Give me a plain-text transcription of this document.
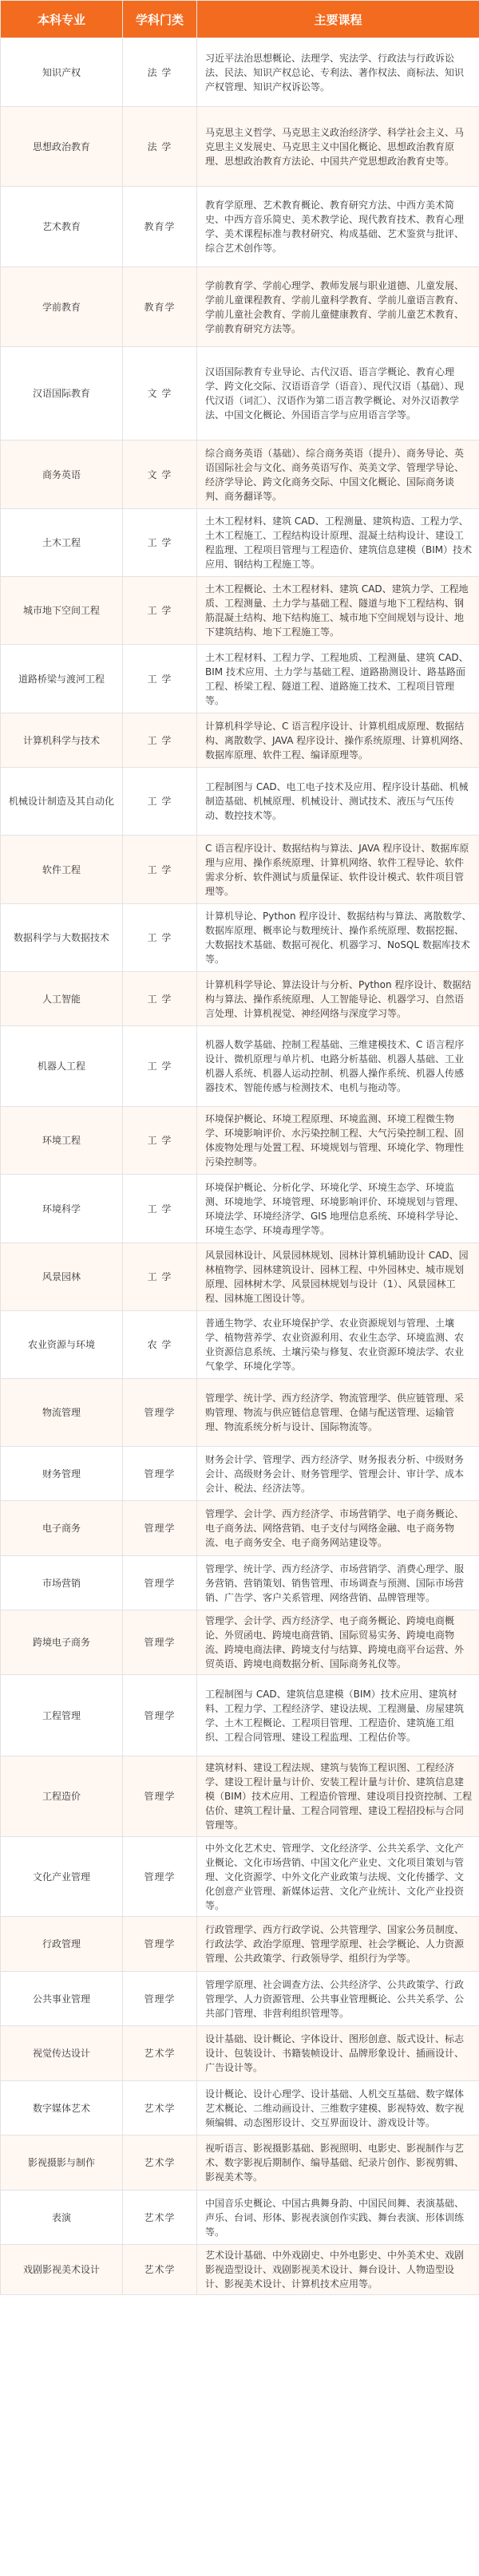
本科专业	学科门类	主要课程
知识产权	法 学	习近平法治思想概论、法理学、宪法学、行政法与行政诉讼法、民法、知识产权总论、专利法、著作权法、商标法、知识产权管理、知识产权诉讼等。
思想政治教育	法 学	马克思主义哲学、马克思主义政治经济学、科学社会主义、马克思主义发展史、马克思主义中国化概论、思想政治教育原理、思想政治教育方法论、中国共产党思想政治教育史等。
艺术教育	教育学	教育学原理、艺术教育概论、教育研究方法、中西方美术简史、中西方音乐简史、美术教学论、现代教育技术、教育心理学、美术课程标准与教材研究、构成基础、艺术鉴赏与批评、综合艺术创作等。
学前教育	教育学	学前教育学、学前心理学、教师发展与职业道德、儿童发展、学前儿童课程教育、学前儿童科学教育、学前儿童语言教育、学前儿童社会教育、学前儿童健康教育、学前儿童艺术教育、学前教育研究方法等。
汉语国际教育	文 学	汉语国际教育专业导论、古代汉语、语言学概论、教育心理学、跨文化交际、汉语语音学（语音）、现代汉语（基础）、现代汉语（词汇）、汉语作为第二语言教学概论、对外汉语教学法、中国文化概论、外国语言学与应用语言学等。
商务英语	文 学	综合商务英语（基础）、综合商务英语（提升）、商务导论、英语国际社会与文化、商务英语写作、英美文学、管理学导论、经济学导论、跨文化商务交际、中国文化概论、国际商务谈判、商务翻译等。
土木工程	工 学	土木工程材料、建筑 CAD、工程测量、建筑构造、工程力学、土木工程施工、工程结构设计原理、混凝土结构设计、建设工程监理、工程项目管理与工程造价、建筑信息建模（BIM）技术应用、钢结构工程施工等。
城市地下空间工程	工 学	土木工程概论、土木工程材料、建筑 CAD、建筑力学、工程地质、工程测量、土力学与基础工程、隧道与地下工程结构、钢筋混凝土结构、地下结构施工、城市地下空间规划与设计、地下建筑结构、地下工程施工等。
道路桥梁与渡河工程	工 学	土木工程材料、工程力学、工程地质、工程测量、建筑 CAD、BIM 技术应用、土力学与基础工程、道路勘测设计、路基路面工程、桥梁工程、隧道工程、道路施工技术、工程项目管理等。
计算机科学与技术	工 学	计算机科学导论、C 语言程序设计、计算机组成原理、数据结构、离散数学、JAVA 程序设计、操作系统原理、计算机网络、数据库原理、软件工程、编译原理等。
机械设计制造及其自动化	工 学	工程制图与 CAD、电工电子技术及应用、程序设计基础、机械制造基础、机械原理、机械设计、测试技术、液压与气压传动、数控技术等。
软件工程	工 学	C 语言程序设计、数据结构与算法、JAVA 程序设计、数据库原理与应用、操作系统原理、计算机网络、软件工程导论、软件需求分析、软件测试与质量保证、软件设计模式、软件项目管理等。
数据科学与大数据技术	工 学	计算机导论、Python 程序设计、数据结构与算法、离散数学、数据库原理、概率论与数理统计、操作系统原理、数据挖掘、大数据技术基础、数据可视化、机器学习、NoSQL 数据库技术等。
人工智能	工 学	计算机科学导论、算法设计与分析、Python 程序设计、数据结构与算法、操作系统原理、人工智能导论、机器学习、自然语言处理、计算机视觉、神经网络与深度学习等。
机器人工程	工 学	机器人数学基础、控制工程基础、三维建模技术、C 语言程序设计、微机原理与单片机、电路分析基础、机器人基础、工业机器人系统、机器人运动控制、机器人操作系统、机器人传感器技术、智能传感与检测技术、电机与拖动等。
环境工程	工 学	环境保护概论、环境工程原理、环境监测、环境工程微生物学、环境影响评价、水污染控制工程、大气污染控制工程、固体废物处理与处置工程、环境规划与管理、环境化学、物理性污染控制等。
环境科学	工 学	环境保护概论、分析化学、环境化学、环境生态学、环境监测、环境地学、环境管理、环境影响评价、环境规划与管理、环境法学、环境经济学、GIS 地理信息系统、环境科学导论、环境生态学、环境毒理学等。
风景园林	工 学	风景园林设计、风景园林规划、园林计算机辅助设计 CAD、园林植物学、园林建筑设计、园林工程、中外园林史、城市规划原理、园林树木学、风景园林规划与设计（1）、风景园林工程、园林施工图设计等。
农业资源与环境	农 学	普通生物学、农业环境保护学、农业资源规划与管理、土壤学、植物营养学、农业资源利用、农业生态学、环境监测、农业资源信息系统、土壤污染与修复、农业资源环境法学、农业气象学、环境化学等。
物流管理	管理学	管理学、统计学、西方经济学、物流管理学、供应链管理、采购管理、物流与供应链信息管理、仓储与配送管理、运输管理、物流系统分析与设计、国际物流等。
财务管理	管理学	财务会计学、管理学、西方经济学、财务报表分析、中级财务会计、高级财务会计、财务管理学、管理会计、审计学、成本会计、税法、经济法等。
电子商务	管理学	管理学、会计学、西方经济学、市场营销学、电子商务概论、电子商务法、网络营销、电子支付与网络金融、电子商务物流、电子商务安全、电子商务网站建设等。
市场营销	管理学	管理学、统计学、西方经济学、市场营销学、消费心理学、服务营销、营销策划、销售管理、市场调查与预测、国际市场营销、广告学、客户关系管理、网络营销、品牌管理等。
跨境电子商务	管理学	管理学、会计学、西方经济学、电子商务概论、跨境电商概论、外贸函电、跨境电商营销、国际贸易实务、跨境电商物流、跨境电商法律、跨境支付与结算、跨境电商平台运营、外贸英语、跨境电商数据分析、国际商务礼仪等。
工程管理	管理学	工程制图与 CAD、建筑信息建模（BIM）技术应用、建筑材料、工程力学、工程经济学、建设法规、工程测量、房屋建筑学、土木工程概论、工程项目管理、工程造价、建筑施工组织、工程合同管理、建设工程监理、工程估价等。
工程造价	管理学	建筑材料、建设工程法规、建筑与装饰工程识图、工程经济学、建设工程计量与计价、安装工程计量与计价、建筑信息建模（BIM）技术应用、工程造价管理、建设项目投资控制、工程估价、建筑工程计量、工程合同管理、建设工程招投标与合同管理等。
文化产业管理	管理学	中外文化艺术史、管理学、文化经济学、公共关系学、文化产业概论、文化市场营销、中国文化产业史、文化项目策划与管理、文化资源学、中外文化产业政策与法规、文化传播学、文化创意产业管理、新媒体运营、文化产业统计、文化产业投资等。
行政管理	管理学	行政管理学、西方行政学说、公共管理学、国家公务员制度、行政法学、政治学原理、管理学原理、社会学概论、人力资源管理、公共政策学、行政领导学、组织行为学等。
公共事业管理	管理学	管理学原理、社会调查方法、公共经济学、公共政策学、行政管理学、人力资源管理、公共事业管理概论、公共关系学、公共部门管理、非营利组织管理等。
视觉传达设计	艺术学	设计基础、设计概论、字体设计、图形创意、版式设计、标志设计、包装设计、书籍装帧设计、品牌形象设计、插画设计、广告设计等。
数字媒体艺术	艺术学	设计概论、设计心理学、设计基础、人机交互基础、数字媒体艺术概论、二维动画设计、三维数字建模、影视特效、数字视频编辑、动态图形设计、交互界面设计、游戏设计等。
影视摄影与制作	艺术学	视听语言、影视摄影基础、影视照明、电影史、影视制作与艺术、数字影视后期制作、编导基础、纪录片创作、影视剪辑、影视美术等。
表演	艺术学	中国音乐史概论、中国古典舞身韵、中国民间舞、表演基础、声乐、台词、形体、影视表演创作实践、舞台表演、形体训练等。
戏剧影视美术设计	艺术学	艺术设计基础、中外戏剧史、中外电影史、中外美术史、戏剧影视造型设计、戏剧影视美术设计、舞台设计、人物造型设计、影视美术设计、计算机技术应用等。
